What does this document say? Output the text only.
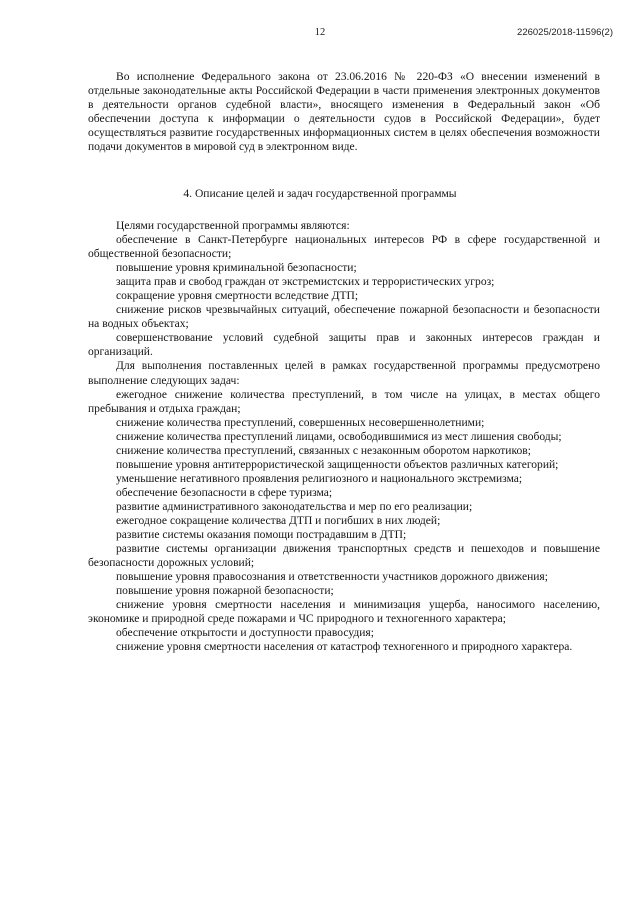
12	226025/2018-11596(2)

Во исполнение Федерального закона от 23.06.2016 № 220-ФЗ «О внесении изменений в отдельные законодательные акты Российской Федерации в части применения электронных документов в деятельности органов судебной власти», вносящего изменения в Федеральный закон «Об обеспечении доступа к информации о деятельности судов в Российской Федерации», будет осуществляться развитие государственных информационных систем в целях обеспечения возможности подачи документов в мировой суд в электронном виде.

4. Описание целей и задач государственной программы

Целями государственной программы являются:

обеспечение в Санкт-Петербурге национальных интересов РФ в сфере государственной и общественной безопасности;

повышение уровня криминальной безопасности;

защита прав и свобод граждан от экстремистских и террористических угроз;

сокращение уровня смертности вследствие ДТП;

снижение рисков чрезвычайных ситуаций, обеспечение пожарной безопасности и безопасности на водных объектах;

совершенствование условий судебной защиты прав и законных интересов граждан и организаций.

Для выполнения поставленных целей в рамках государственной программы предусмотрено выполнение следующих задач:

ежегодное снижение количества преступлений, в том числе на улицах, в местах общего пребывания и отдыха граждан;

снижение количества преступлений, совершенных несовершеннолетними;

снижение количества преступлений лицами, освободившимися из мест лишения свободы;

снижение количества преступлений, связанных с незаконным оборотом наркотиков;

повышение уровня антитеррористической защищенности объектов различных категорий;

уменьшение негативного проявления религиозного и национального экстремизма;

обеспечение безопасности в сфере туризма;

развитие административного законодательства и мер по его реализации;

ежегодное сокращение количества ДТП и погибших в них людей;

развитие системы оказания помощи пострадавшим в ДТП;

развитие системы организации движения транспортных средств и пешеходов и повышение безопасности дорожных условий;

повышение уровня правосознания и ответственности участников дорожного движения;

повышение уровня пожарной безопасности;

снижение уровня смертности населения и минимизация ущерба, наносимого населению, экономике и природной среде пожарами и ЧС природного и техногенного характера;

обеспечение открытости и доступности правосудия;

снижение уровня смертности населения от катастроф техногенного и природного характера.
